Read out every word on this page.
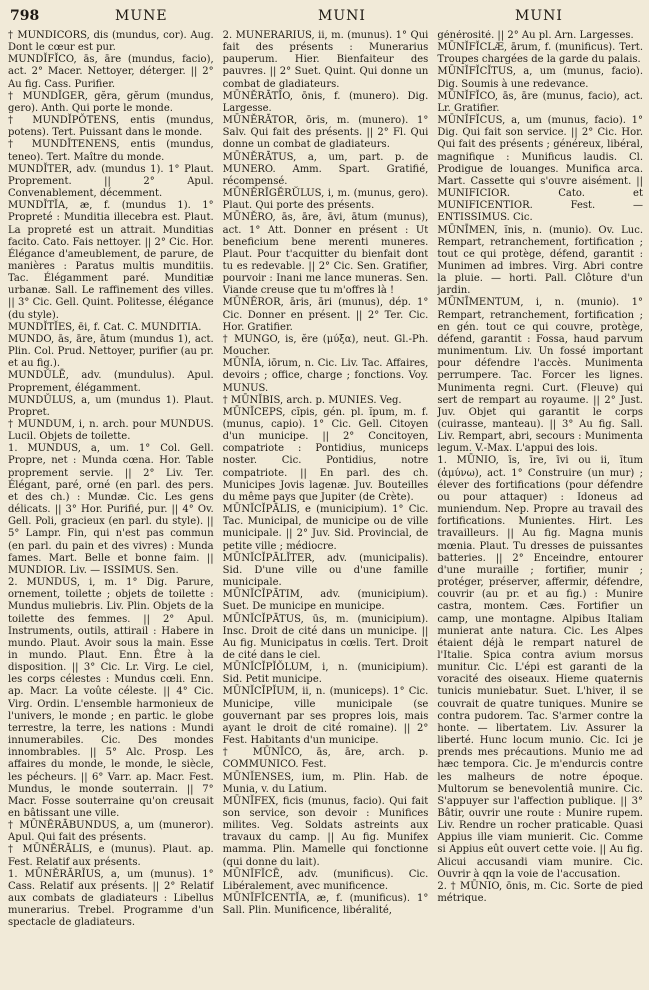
798	MUNE	MUNI	MUNI

† MUNDĬCŌRS, dis (mundus, cor). Aug. Dont le cœur est pur.

MUNDĬFĬCO, ās, āre (mundus, facio), act. 2° Macer. Nettoyer, déterger. || 2° Au fig. Cass. Purifier.

† MUNDĬGER, gĕra, gĕrum (mundus, gero). Anth. Qui porte le monde.

† MUNDĬPŎTENS, entis (mundus, potens). Tert. Puissant dans le monde.

† MUNDĬTENENS, entis (mundus, teneo). Tert. Maître du monde.

MUNDĬTER, adv. (mundus 1). 1° Plaut. Proprement. || 2° Apul. Convenablement, décemment.

MUNDĬTĬA, æ, f. (mundus 1). 1° Propreté : Munditia illecebra est. Plaut. La propreté est un attrait. Munditias facito. Cato. Fais nettoyer. || 2° Cic. Hor. Élégance d'ameublement, de parure, de manières : Paratus multis munditiis. Tac. Élégamment paré. Munditiæ urbanæ. Sall. Le raffinement des villes. || 3° Cic. Gell. Quint. Politesse, élégance (du style).

MUNDĬTĬES, ēi, f. Cat. C. MUNDITIA.

MUNDO, ās, āre, ātum (mundus 1), act. Plin. Col. Prud. Nettoyer, purifier (au pr. et au fig.).

MUNDŬLĒ, adv. (mundulus). Apul. Proprement, élégamment.

MUNDŬLUS, a, um (mundus 1). Plaut. Propret.

† MUNDUM, i, n. arch. pour MUNDUS. Lucil. Objets de toilette.

1. MUNDUS, a, um. 1° Col. Gell. Propre, net : Munda cœna. Hor. Table proprement servie. || 2° Liv. Ter. Élégant, paré, orné (en parl. des pers. et des ch.) : Mundæ. Cic. Les gens délicats. || 3° Hor. Purifié, pur. || 4° Ov. Gell. Poli, gracieux (en parl. du style). || 5° Lampr. Fin, qui n'est pas commun (en parl. du pain et des vivres) : Munda fames. Mart. Belle et bonne faim. || MUNDIOR. Liv. — ISSIMUS. Sen.

2. MUNDUS, i, m. 1° Dig. Parure, ornement, toilette ; objets de toilette : Mundus muliebris. Liv. Plin. Objets de la toilette des femmes. || 2° Apul. Instruments, outils, attirail : Habere in mundo. Plaut. Avoir sous la main. Esse in mundo. Plaut. Enn. Être à la disposition. || 3° Cic. Lr. Virg. Le ciel, les corps célestes : Mundus cœli. Enn. ap. Macr. La voûte céleste. || 4° Cic. Virg. Ordin. L'ensemble harmonieux de l'univers, le monde ; en partic. le globe terrestre, la terre, les nations : Mundi innumerabiles. Cic. Des mondes innombrables. || 5° Alc. Prosp. Les affaires du monde, le monde, le siècle, les pécheurs. || 6° Varr. ap. Macr. Fest. Mundus, le monde souterrain. || 7° Macr. Fosse souterraine qu'on creusait en bâtissant une ville.

† MŪNĔRĀBUNDUS, a, um (muneror). Apul. Qui fait des présents.

† MŪNĔRĀLIS, e (munus). Plaut. ap. Fest. Relatif aux présents.

1. MŪNĔRĀRĬUS, a, um (munus). 1° Cass. Relatif aux présents. || 2° Relatif aux combats de gladiateurs : Libellus munerarius. Trebel. Programme d'un spectacle de gladiateurs.

2. MŪNĔRĀRĬUS, ii, m. (munus). 1° Qui fait des présents : Munerarius pauperum. Hier. Bienfaiteur des pauvres. || 2° Suet. Quint. Qui donne un combat de gladiateurs.

MŪNĔRĀTĬO, ōnis, f. (munero). Dig. Largesse.

MŪNĔRĀTOR, ōris, m. (munero). 1° Salv. Qui fait des présents. || 2° Fl. Qui donne un combat de gladiateurs.

MŪNĔRĀTUS, a, um, part. p. de MUNERO. Amm. Spart. Gratifié, récompensé.

MŪNĔRĬGĔRŬLUS, i, m. (munus, gero). Plaut. Qui porte des présents.

MŪNĔRO, ās, āre, āvi, ātum (munus), act. 1° Att. Donner en présent : Ut beneficium bene merenti muneres. Plaut. Pour t'acquitter du bienfait dont tu es redevable. || 2° Cic. Sen. Gratifier, pourvoir : Inani me lance muneras. Sen. Viande creuse que tu m'offres là !

MŪNĔROR, āris, āri (munus), dép. 1° Cic. Donner en présent. || 2° Ter. Cic. Hor. Gratifier.

† MUNGO, is, ĕre (μύξα), neut. Gl.-Ph. Moucher.

MŪNĬA, iōrum, n. Cic. Liv. Tac. Affaires, devoirs ; office, charge ; fonctions. Voy. MUNUS.

† MŪNĬBIS, arch. p. MUNIES. Veg.

MŪNĬCEPS, cĭpis, gén. pl. ĭpum, m. f. (munus, capio). 1° Cic. Gell. Citoyen d'un municipe. || 2° Concitoyen, compatriote : Pontidius, municeps noster. Cic. Pontidius, notre compatriote. || En parl. des ch. Municipes Jovis lagenæ. Juv. Bouteilles du même pays que Jupiter (de Crète).

MŪNĬCĬPĀLIS, e (municipium). 1° Cic. Tac. Municipal, de municipe ou de ville municipale. || 2° Juv. Sid. Provincial, de petite ville ; médiocre.

MŪNĬCĬPĀLĬTER, adv. (municipalis). Sid. D'une ville ou d'une famille municipale.

MŪNĬCĬPĀTIM, adv. (municipium). Suet. De municipe en municipe.

MŪNĬCĬPĀTUS, ūs, m. (municipium). Insc. Droit de cité dans un municipe. || Au fig. Municipatus in cœlis. Tert. Droit de cité dans le ciel.

MŪNĬCĬPĬŎLUM, i, n. (municipium). Sid. Petit municipe.

MŪNĬCĬPĬUM, ii, n. (municeps). 1° Cic. Municipe, ville municipale (se gouvernant par ses propres lois, mais ayant le droit de cité romaine). || 2° Fest. Habitants d'un municipe.

† MŪNĬCO, ās, āre, arch. p. COMMUNICO. Fest.

MŪNĬENSES, ium, m. Plin. Hab. de Munia, v. du Latium.

MŪNĬFEX, ficis (munus, facio). Qui fait son service, son devoir : Munifices milites. Veg. Soldats astreints aux travaux du camp. || Au fig. Munifex mamma. Plin. Mamelle qui fonctionne (qui donne du lait).

MŪNĬFĬCĒ, adv. (munificus). Cic. Libéralement, avec munificence.

MŪNĬFĬCENTĬA, æ, f. (munificus). 1° Sall. Plin. Munificence, libéralité,

générosité. || 2° Au pl. Arn. Largesses.

MŪNĬFĬCLÆ, ārum, f. (munificus). Tert. Troupes chargées de la garde du palais.

MŪNĬFĬCĬTUS, a, um (munus, facio). Dig. Soumis à une redevance.

MŪNĬFĬCO, ās, āre (munus, facio), act. Lr. Gratifier.

MŪNĬFĬCUS, a, um (munus, facio). 1° Dig. Qui fait son service. || 2° Cic. Hor. Qui fait des présents ; généreux, libéral, magnifique : Munificus laudis. Cl. Prodigue de louanges. Munifica arca. Mart. Cassette qui s'ouvre aisément. || MUNIFICIOR. Cato. et MUNIFICENTIOR. Fest. — ENTISSIMUS. Cic.

MŪNĪMEN, ĭnis, n. (munio). Ov. Luc. Rempart, retranchement, fortification ; tout ce qui protège, défend, garantit : Munimen ad imbres. Virg. Abri contre la pluie. — horti. Pall. Clôture d'un jardin.

MŪNĪMENTUM, i, n. (munio). 1° Rempart, retranchement, fortification ; en gén. tout ce qui couvre, protège, défend, garantit : Fossa, haud parvum munimentum. Liv. Un fossé important pour défendre l'accès. Munimenta perrumpere. Tac. Forcer les lignes. Munimenta regni. Curt. (Fleuve) qui sert de rempart au royaume. || 2° Just. Juv. Objet qui garantit le corps (cuirasse, manteau). || 3° Au fig. Sall. Liv. Rempart, abri, secours : Munimenta legum. V.-Max. L'appui des lois.

1. MŪNIO, īs, īre, īvi ou ii, ītum (ἀμύνω), act. 1° Construire (un mur) ; élever des fortifications (pour défendre ou pour attaquer) : Idoneus ad muniendum. Nep. Propre au travail des fortifications. Munientes. Hirt. Les travailleurs. || Au fig. Magna munis mœnia. Plaut. Tu dresses de puissantes batteries. || 2° Enceindre, entourer d'une muraille ; fortifier, munir ; protéger, préserver, affermir, défendre, couvrir (au pr. et au fig.) : Munire castra, montem. Cæs. Fortifier un camp, une montagne. Alpibus Italiam munierat ante natura. Cic. Les Alpes étaient déjà le rempart naturel de l'Italie. Spica contra avium morsus munitur. Cic. L'épi est garanti de la voracité des oiseaux. Hieme quaternis tunicis muniebatur. Suet. L'hiver, il se couvrait de quatre tuniques. Munire se contra pudorem. Tac. S'armer contre la honte. — libertatem. Liv. Assurer la liberté. Hunc locum munio. Cic. Ici je prends mes précautions. Munio me ad hæc tempora. Cic. Je m'endurcis contre les malheurs de notre époque. Multorum se benevolentiâ munire. Cic. S'appuyer sur l'affection publique. || 3° Bâtir, ouvrir une route : Munire rupem. Liv. Rendre un rocher praticable. Quasi Appius ille viam munierit. Cic. Comme si Appius eût ouvert cette voie. || Au fig. Alicui accusandi viam munire. Cic. Ouvrir à qqn la voie de l'accusation.

2. † MŪNIO, ōnis, m. Cic. Sorte de pied métrique.
